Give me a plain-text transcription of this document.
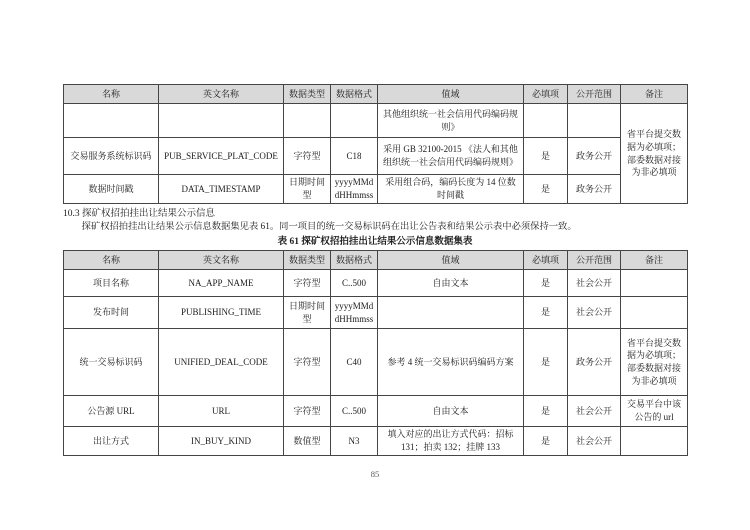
名称	英文名称	数据类型	数据格式	值域	必填项	公开范围	备注
				其他组织统一社会信用代码编码规则》			省平台提交数据为必填项；部委数据对接为非必填项
交易服务系统标识码	PUB_SERVICE_PLAT_CODE	字符型	C18	采用 GB 32100-2015 《法人和其他组织统一社会信用代码编码规则》	是	政务公开	
数据时间戳	DATA_TIMESTAMP	日期时间型	yyyyMMddHHmmss	采用组合码，编码长度为 14 位数时间戳	是	政务公开	
10.3 探矿权招拍挂出让结果公示信息

探矿权招拍挂出让结果公示信息数据集见表 61。同一项目的统一交易标识码在出让公告表和结果公示表中必须保持一致。

表 61 探矿权招拍挂出让结果公示信息数据集表
名称	英文名称	数据类型	数据格式	值域	必填项	公开范围	备注
项目名称	NA_APP_NAME	字符型	C..500	自由文本	是	社会公开	
发布时间	PUBLISHING_TIME	日期时间型	yyyyMMddHHmmss		是	社会公开	
统一交易标识码	UNIFIED_DEAL_CODE	字符型	C40	参考 4 统一交易标识码编码方案	是	政务公开	省平台提交数据为必填项；部委数据对接为非必填项
公告源 URL	URL	字符型	C..500	自由文本	是	社会公开	交易平台中该公告的 url
出让方式	IN_BUY_KIND	数值型	N3	填入对应的出让方式代码：招标 131；拍卖 132；挂牌 133	是	社会公开	
85
